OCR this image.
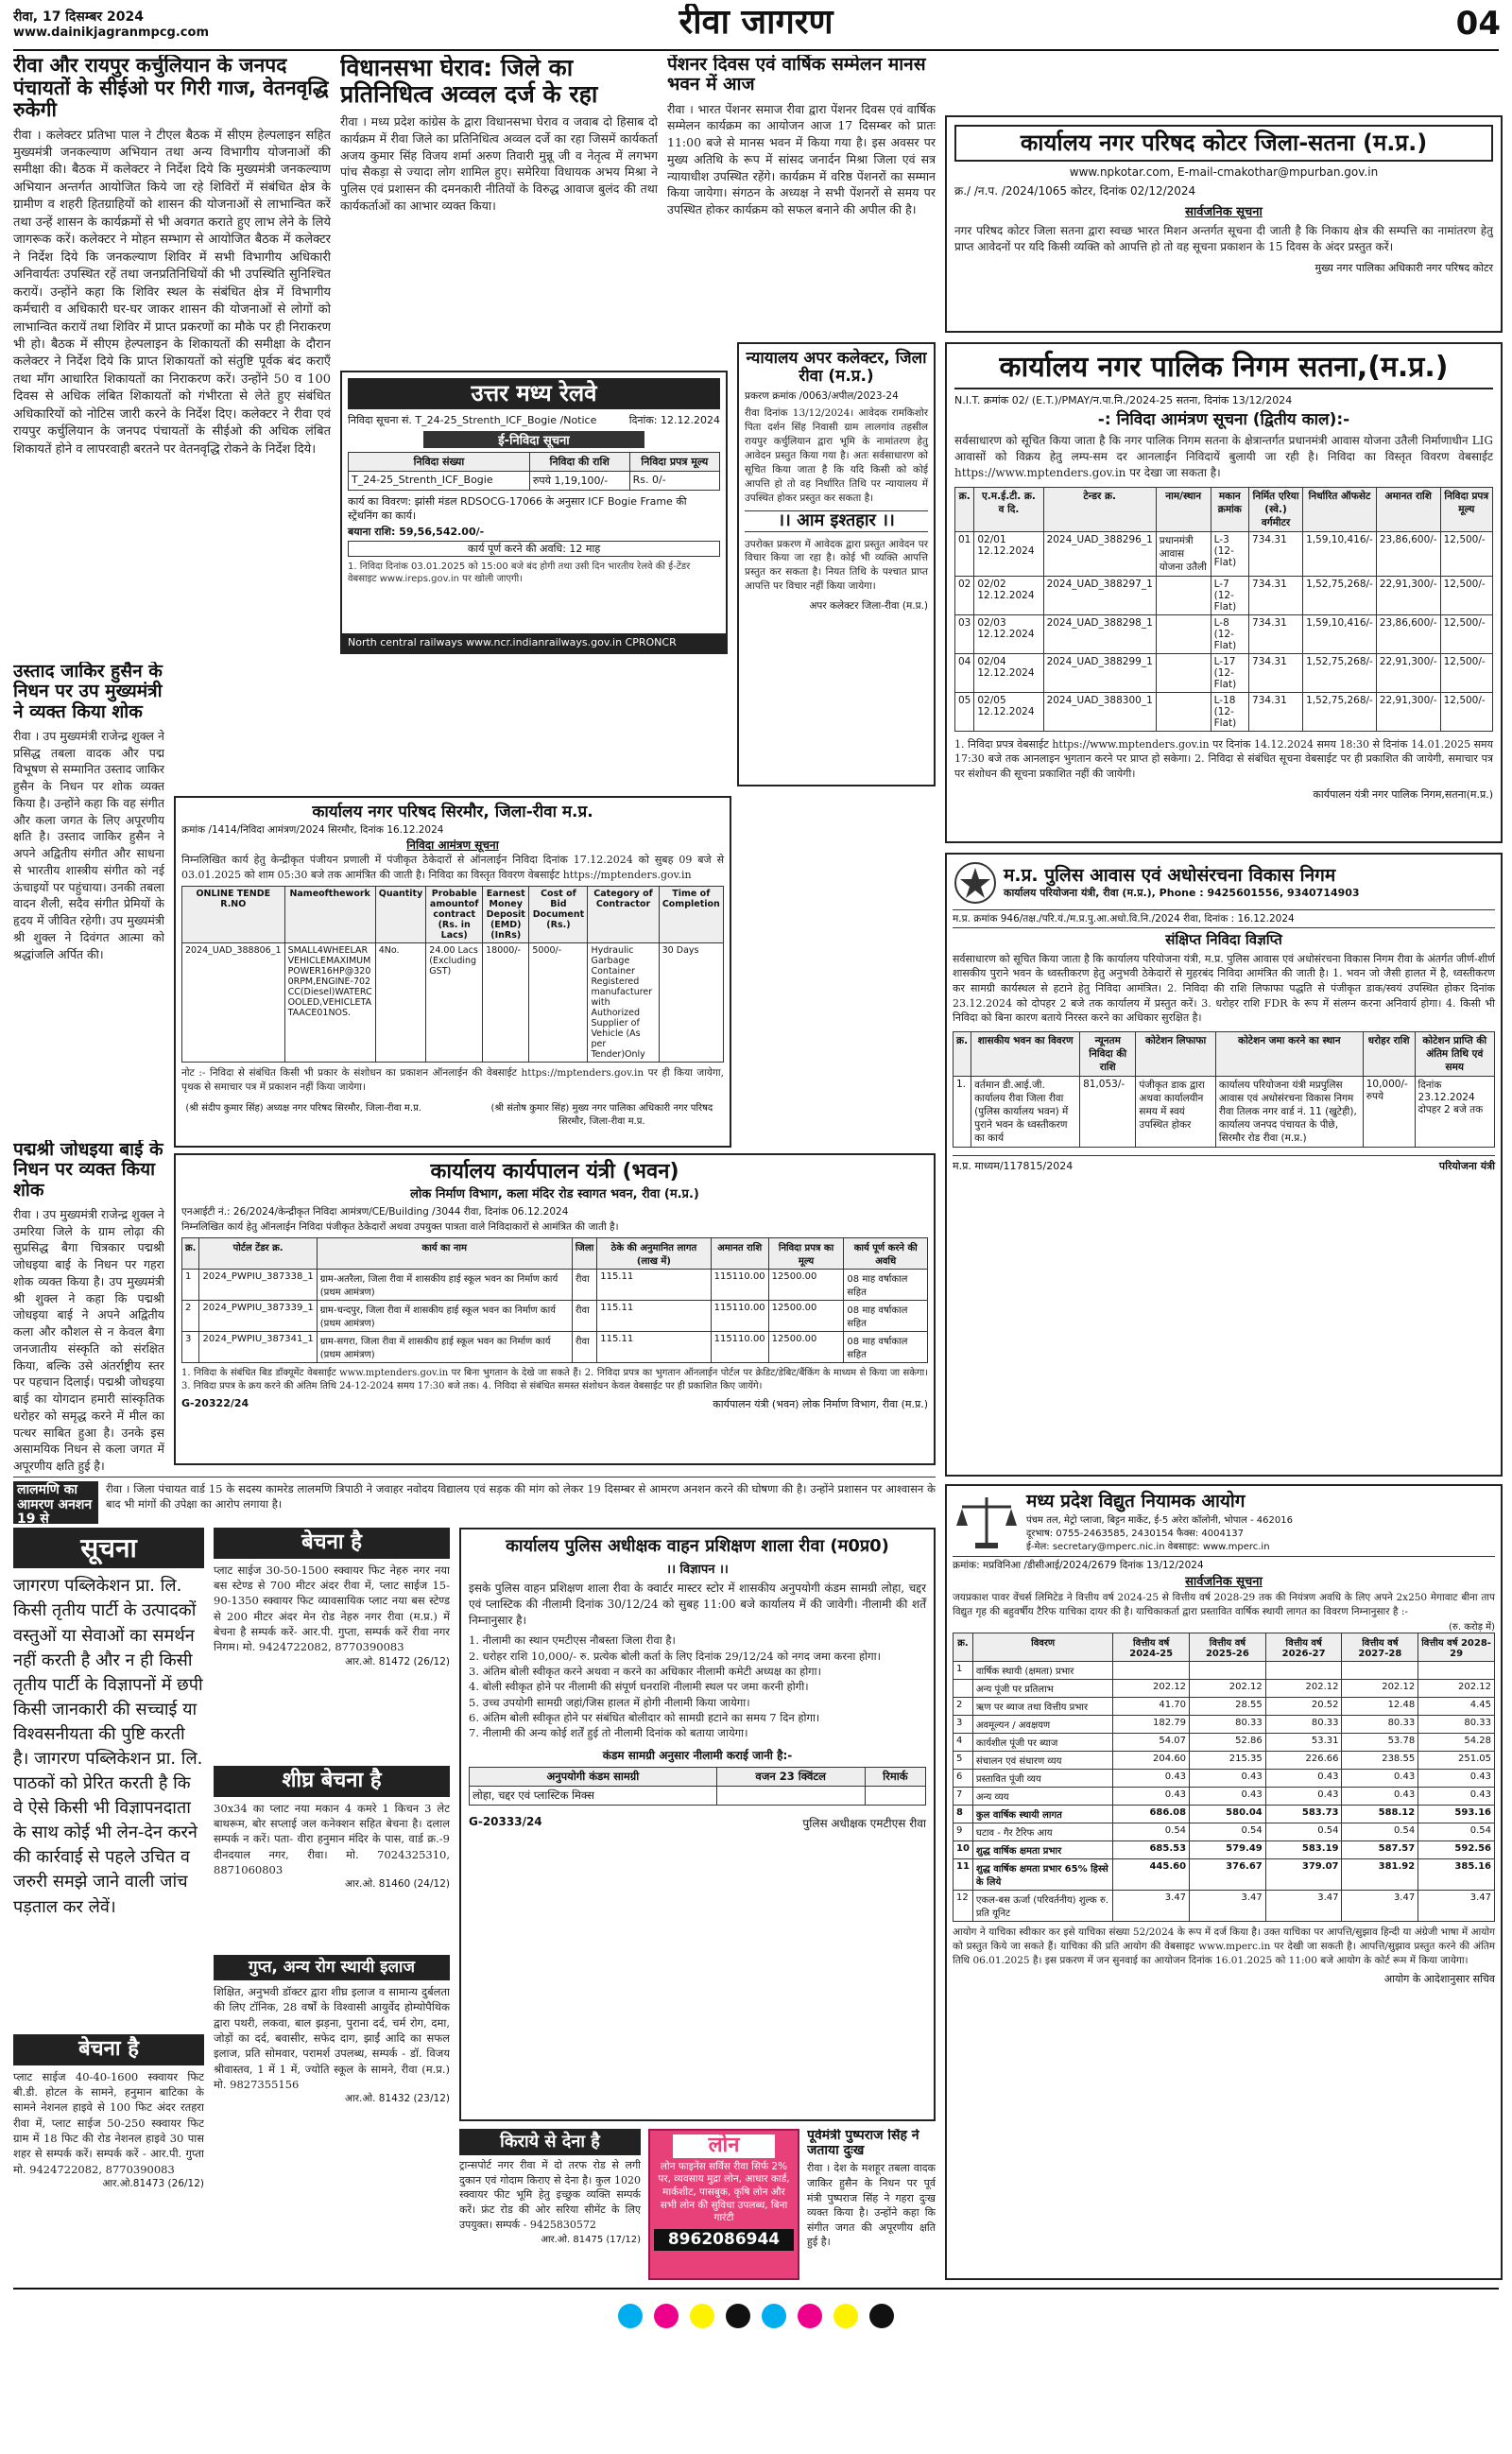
रीवा, 17 दिसम्बर 2024
www.dainikjagranmpcg.com	रीवा जागरण	04
रीवा और रायपुर कर्चुलियान के जनपद पंचायतों के सीईओ पर गिरी गाज, वेतनवृद्धि रुकेगी
रीवा । कलेक्टर प्रतिभा पाल ने टीएल बैठक में सीएम हेल्पलाइन सहित मुख्यमंत्री जनकल्याण अभियान तथा अन्य विभागीय योजनाओं की समीक्षा की। बैठक में कलेक्टर ने निर्देश दिये कि मुख्यमंत्री जनकल्याण अभियान अन्तर्गत आयोजित किये जा रहे शिविरों में संबंधित क्षेत्र के ग्रामीण व शहरी हितग्राहियों को शासन की योजनाओं से लाभान्वित करें तथा उन्हें शासन के कार्यक्रमों से भी अवगत कराते हुए लाभ लेने के लिये जागरूक करें। कलेक्टर ने मोहन सम्भाग से आयोजित बैठक में कलेक्टर ने निर्देश दिये कि जनकल्याण शिविर में सभी विभागीय अधिकारी अनिवार्यतः उपस्थित रहें तथा जनप्रतिनिधियों की भी उपस्थिति सुनिश्चित करायें। उन्होंने कहा कि शिविर स्थल के संबंधित क्षेत्र में विभागीय कर्मचारी व अधिकारी घर-घर जाकर शासन की योजनाओं से लोगों को लाभान्वित करायें तथा शिविर में प्राप्त प्रकरणों का मौके पर ही निराकरण भी हो। बैठक में सीएम हेल्पलाइन के शिकायतों की समीक्षा के दौरान कलेक्टर ने निर्देश दिये कि प्राप्त शिकायतों को संतुष्टि पूर्वक बंद कराएँ तथा माँग आधारित शिकायतों का निराकरण करें। उन्होंने 50 व 100 दिवस से अधिक लंबित शिकायतों को गंभीरता से लेते हुए संबंधित अधिकारियों को नोटिस जारी करने के निर्देश दिए। कलेक्टर ने रीवा एवं रायपुर कर्चुलियान के जनपद पंचायतों के सीईओ की अधिक लंबित शिकायतें होने व लापरवाही बरतने पर वेतनवृद्धि रोकने के निर्देश दिये।
विधानसभा घेराव: जिले का प्रतिनिधित्व अव्वल दर्ज के रहा
रीवा । मध्य प्रदेश कांग्रेस के द्वारा विधानसभा घेराव व जवाब दो हिसाब दो कार्यक्रम में रीवा जिले का प्रतिनिधित्व अव्वल दर्जे का रहा जिसमें कार्यकर्ता अजय कुमार सिंह विजय शर्मा अरुण तिवारी मुन्नू जी व नेतृत्व में लगभग पांच सैकड़ा से ज्यादा लोग शामिल हुए। समेरिया विधायक अभय मिश्रा ने पुलिस एवं प्रशासन की दमनकारी नीतियों के विरुद्ध आवाज बुलंद की तथा कार्यकर्ताओं का आभार व्यक्त किया।
पेंशनर दिवस एवं वार्षिक सम्मेलन मानस भवन में आज
रीवा । भारत पेंशनर समाज रीवा द्वारा पेंशनर दिवस एवं वार्षिक सम्मेलन कार्यक्रम का आयोजन आज 17 दिसम्बर को प्रातः 11:00 बजे से मानस भवन में किया गया है। इस अवसर पर मुख्य अतिथि के रूप में सांसद जनार्दन मिश्रा जिला एवं सत्र न्यायाधीश उपस्थित रहेंगे। कार्यक्रम में वरिष्ठ पेंशनरों का सम्मान किया जायेगा। संगठन के अध्यक्ष ने सभी पेंशनरों से समय पर उपस्थित होकर कार्यक्रम को सफल बनाने की अपील की है।
कार्यालय नगर परिषद कोटर जिला-सतना (म.प्र.)
www.npkotar.com, E-mail-cmakothar@mpurban.gov.in
क्र./ /न.प. /2024/1065 कोटर, दिनांक 02/12/2024
सार्वजनिक सूचना
नगर परिषद कोटर जिला सतना द्वारा स्वच्छ भारत मिशन अन्तर्गत सूचना दी जाती है कि निकाय क्षेत्र की सम्पत्ति का नामांतरण हेतु प्राप्त आवेदनों पर यदि किसी व्यक्ति को आपत्ति हो तो वह सूचना प्रकाशन के 15 दिवस के अंदर प्रस्तुत करें।
मुख्य नगर पालिका अधिकारी नगर परिषद कोटर
उत्तर मध्य रेलवे
निविदा सूचना सं. T_24-25_Strenth_ICF_Bogie /Notice	दिनांक: 12.12.2024
ई-निविदा सूचना
निविदा संख्या	निविदा की राशि	निविदा प्रपत्र मूल्य
T_24-25_Strenth_ICF_Bogie	रुपये 1,19,100/-	Rs. 0/-
कार्य का विवरण: झांसी मंडल RDSOCG-17066 के अनुसार ICF Bogie Frame की स्ट्रेंथनिंग का कार्य।
बयाना राशि: 59,56,542.00/-
कार्य पूर्ण करने की अवधि: 12 माह
1. निविदा दिनांक 03.01.2025 को 15:00 बजे बंद होगी तथा उसी दिन भारतीय रेलवे की ई-टेंडर वेबसाइट www.ireps.gov.in पर खोली जाएगी।
North central railways www.ncr.indianrailways.gov.in CPRONCR
न्यायालय अपर कलेक्टर, जिला रीवा (म.प्र.)
प्रकरण क्रमांक /0063/अपील/2023-24
रीवा दिनांक 13/12/2024। आवेदक रामकिशोर पिता दर्शन सिंह निवासी ग्राम लालगांव तहसील रायपुर कर्चुलियान द्वारा भूमि के नामांतरण हेतु आवेदन प्रस्तुत किया गया है। अतः सर्वसाधारण को सूचित किया जाता है कि यदि किसी को कोई आपत्ति हो तो वह निर्धारित तिथि पर न्यायालय में उपस्थित होकर प्रस्तुत कर सकता है।
।। आम इश्तहार ।।
उपरोक्त प्रकरण में आवेदक द्वारा प्रस्तुत आवेदन पर विचार किया जा रहा है। कोई भी व्यक्ति आपत्ति प्रस्तुत कर सकता है। नियत तिथि के पश्चात प्राप्त आपत्ति पर विचार नहीं किया जायेगा।
अपर कलेक्टर जिला-रीवा (म.प्र.)
कार्यालय नगर पालिक निगम सतना,(म.प्र.)
N.I.T. क्रमांक 02/ (E.T.)/PMAY/न.पा.नि./2024-25 सतना, दिनांक 13/12/2024
-: निविदा आमंत्रण सूचना (द्वितीय काल):-
सर्वसाधारण को सूचित किया जाता है कि नगर पालिक निगम सतना के क्षेत्रान्तर्गत प्रधानमंत्री आवास योजना उतैली निर्माणाधीन LIG आवासों को विक्रय हेतु लम्प-सम दर आनलाईन निविदायें बुलायी जा रही है। निविदा का विस्तृत विवरण वेबसाईट https://www.mptenders.gov.in पर देखा जा सकता है।
क्र.	ए.म.ई.टी. क्र. व दि.	टेन्डर क्र.	नाम/स्थान	मकान क्रमांक	निर्मित एरिया (स्वे.) वर्गमीटर	निर्धारित ऑफसेट	अमानत राशि	निविदा प्रपत्र मूल्य
01	02/01 12.12.2024	2024_UAD_388296_1	प्रधानमंत्री आवास योजना उतैली	L-3 (12-Flat)	734.31	1,59,10,416/-	23,86,600/-	12,500/-
02	02/02 12.12.2024	2024_UAD_388297_1		L-7 (12-Flat)	734.31	1,52,75,268/-	22,91,300/-	12,500/-
03	02/03 12.12.2024	2024_UAD_388298_1		L-8 (12-Flat)	734.31	1,59,10,416/-	23,86,600/-	12,500/-
04	02/04 12.12.2024	2024_UAD_388299_1		L-17 (12-Flat)	734.31	1,52,75,268/-	22,91,300/-	12,500/-
05	02/05 12.12.2024	2024_UAD_388300_1		L-18 (12-Flat)	734.31	1,52,75,268/-	22,91,300/-	12,500/-
1. निविदा प्रपत्र वेबसाईट https://www.mptenders.gov.in पर दिनांक 14.12.2024 समय 18:30 से दिनांक 14.01.2025 समय 17:30 बजे तक आनलाइन भुगतान करने पर प्राप्त हो सकेगा। 2. निविदा से संबंधित सूचना वेबसाईट पर ही प्रकाशित की जायेगी, समाचार पत्र पर संशोधन की सूचना प्रकाशित नहीं की जायेगी।
कार्यपालन यंत्री नगर पालिक निगम,सतना(म.प्र.)
उस्ताद जाकिर हुसैन के निधन पर उप मुख्यमंत्री ने व्यक्त किया शोक
रीवा । उप मुख्यमंत्री राजेन्द्र शुक्ल ने प्रसिद्ध तबला वादक और पद्म विभूषण से सम्मानित उस्ताद जाकिर हुसैन के निधन पर शोक व्यक्त किया है। उन्होंने कहा कि वह संगीत और कला जगत के लिए अपूरणीय क्षति है। उस्ताद जाकिर हुसैन ने अपने अद्वितीय संगीत और साधना से भारतीय शास्त्रीय संगीत को नई ऊंचाइयों पर पहुंचाया। उनकी तबला वादन शैली, सदैव संगीत प्रेमियों के हृदय में जीवित रहेगी। उप मुख्यमंत्री श्री शुक्ल ने दिवंगत आत्मा को श्रद्धांजलि अर्पित की।
पद्मश्री जोधइया बाई के निधन पर व्यक्त किया शोक
रीवा । उप मुख्यमंत्री राजेन्द्र शुक्ल ने उमरिया जिले के ग्राम लोढ़ा की सुप्रसिद्ध बैगा चित्रकार पद्मश्री जोधइया बाई के निधन पर गहरा शोक व्यक्त किया है। उप मुख्यमंत्री श्री शुक्ल ने कहा कि पद्मश्री जोधइया बाई ने अपने अद्वितीय कला और कौशल से न केवल बैगा जनजातीय संस्कृति को संरक्षित किया, बल्कि उसे अंतर्राष्ट्रीय स्तर पर पहचान दिलाई। पद्मश्री जोधइया बाई का योगदान हमारी सांस्कृतिक धरोहर को समृद्ध करने में मील का पत्थर साबित हुआ है। उनके इस असामयिक निधन से कला जगत में अपूरणीय क्षति हुई है।
कार्यालय नगर परिषद सिरमौर, जिला-रीवा म.प्र.
क्रमांक /1414/निविदा आमंत्रण/2024 सिरमौर, दिनांक 16.12.2024
निविदा आमंत्रण सूचना
निम्नलिखित कार्य हेतु केन्द्रीकृत पंजीयन प्रणाली में पंजीकृत ठेकेदारों से ऑनलाईन निविदा दिनांक 17.12.2024 को सुबह 09 बजे से 03.01.2025 को शाम 05:30 बजे तक आमंत्रित की जाती है। निविदा का विस्तृत विवरण वेबसाईट https://mptenders.gov.in
ONLINE TENDE R.NO	Nameofthework	Quantity	Probable amountof contract (Rs. in Lacs)	Earnest Money Deposit (EMD) (InRs)	Cost of Bid Document (Rs.)	Category of Contractor	Time of Completion
2024_UAD_388806_1	SMALL4WHEELARVEHICLEMAXIMUMPOWER16HP@3200RPM,ENGINE-702CC(Diesel)WATERCOOLED,VEHICLETATAACE01NOS.	4No.	24.00 Lacs (Excluding GST)	18000/-	5000/-	Hydraulic Garbage Container Registered manufacturer with Authorized Supplier of Vehicle (As per Tender)Only	30 Days
नोट :- निविदा से संबंधित किसी भी प्रकार के संशोधन का प्रकाशन ऑनलाईन की वेबसाईट https://mptenders.gov.in पर ही किया जायेगा, पृथक से समाचार पत्र में प्रकाशन नहीं किया जायेगा।
(श्री संदीप कुमार सिंह) अध्यक्ष नगर परिषद सिरमौर, जिला-रीवा म.प्र.	(श्री संतोष कुमार सिंह) मुख्य नगर पालिका अधिकारी नगर परिषद सिरमौर, जिला-रीवा म.प्र.
कार्यालय कार्यपालन यंत्री (भवन)
लोक निर्माण विभाग, कला मंदिर रोड स्वागत भवन, रीवा (म.प्र.)
एनआईटी नं.: 26/2024/केन्द्रीकृत निविदा आमंत्रण/CE/Building /3044 रीवा, दिनांक 06.12.2024
निम्नलिखित कार्य हेतु ऑनलाईन निविदा पंजीकृत ठेकेदारों अथवा उपयुक्त पात्रता वाले निविदाकारों से आमंत्रित की जाती है।
क्र.	पोर्टल टेंडर क्र.	कार्य का नाम	जिला	ठेके की अनुमानित लागत (लाख में)	अमानत राशि	निविदा प्रपत्र का मूल्य	कार्य पूर्ण करने की अवधि
1	2024_PWPIU_387338_1	ग्राम-अतरैला, जिला रीवा में शासकीय हाई स्कूल भवन का निर्माण कार्य (प्रथम आमंत्रण)	रीवा	115.11	115110.00	12500.00	08 माह वर्षाकाल सहित
2	2024_PWPIU_387339_1	ग्राम-चन्दपुर, जिला रीवा में शासकीय हाई स्कूल भवन का निर्माण कार्य (प्रथम आमंत्रण)	रीवा	115.11	115110.00	12500.00	08 माह वर्षाकाल सहित
3	2024_PWPIU_387341_1	ग्राम-सगरा, जिला रीवा में शासकीय हाई स्कूल भवन का निर्माण कार्य (प्रथम आमंत्रण)	रीवा	115.11	115110.00	12500.00	08 माह वर्षाकाल सहित
1. निविदा के संबंधित बिड डॉक्यूमेंट वेबसाईट www.mptenders.gov.in पर बिना भुगतान के देखे जा सकते हैं। 2. निविदा प्रपत्र का भुगतान ऑनलाईन पोर्टल पर क्रेडिट/डेबिट/बैंकिंग के माध्यम से किया जा सकेगा। 3. निविदा प्रपत्र के क्रय करने की अंतिम तिथि 24-12-2024 समय 17:30 बजे तक। 4. निविदा से संबंधित समस्त संशोधन केवल वेबसाईट पर ही प्रकाशित किए जायेंगे।
G-20322/24	कार्यपालन यंत्री (भवन) लोक निर्माण विभाग, रीवा (म.प्र.)
म.प्र. पुलिस आवास एवं अधोसंरचना विकास निगम
कार्यालय परियोजना यंत्री, रीवा (म.प्र.), Phone : 9425601556, 9340714903
म.प्र. क्रमांक 946/तक्ष./परि.यं./म.प्र.पु.आ.अधो.वि.नि./2024 रीवा, दिनांक : 16.12.2024
संक्षिप्त निविदा विज्ञप्ति
सर्वसाधारण को सूचित किया जाता है कि कार्यालय परियोजना यंत्री, म.प्र. पुलिस आवास एवं अधोसंरचना विकास निगम रीवा के अंतर्गत जीर्ण-शीर्ण शासकीय पुराने भवन के ध्वस्तीकरण हेतु अनुभवी ठेकेदारों से मुहरबंद निविदा आमंत्रित की जाती है। 1. भवन जो जैसी हालत में है, ध्वस्तीकरण कर सामग्री कार्यस्थल से हटाने हेतु निविदा आमंत्रित। 2. निविदा की राशि लिफाफा पद्धति से पंजीकृत डाक/स्वयं उपस्थित होकर दिनांक 23.12.2024 को दोपहर 2 बजे तक कार्यालय में प्रस्तुत करें। 3. धरोहर राशि FDR के रूप में संलग्न करना अनिवार्य होगा। 4. किसी भी निविदा को बिना कारण बताये निरस्त करने का अधिकार सुरक्षित है।
क्र.	शासकीय भवन का विवरण	न्यूनतम निविदा की राशि	कोटेशन लिफाफा	कोटेशन जमा करने का स्थान	धरोहर राशि	कोटेशन प्राप्ति की अंतिम तिथि एवं समय
1.	वर्तमान डी.आई.जी. कार्यालय रीवा जिला रीवा (पुलिस कार्यालय भवन) में पुराने भवन के ध्वस्तीकरण का कार्य	81,053/-	पंजीकृत डाक द्वारा अथवा कार्यालयीन समय में स्वयं उपस्थित होकर	कार्यालय परियोजना यंत्री मप्रपुलिस आवास एवं अधोसंरचना विकास निगम रीवा तिलक नगर वार्ड नं. 11 (खुटेही), कार्यालय जनपद पंचायत के पीछे, सिरमौर रोड रीवा (म.प्र.)	10,000/- रुपये	दिनांक 23.12.2024 दोपहर 2 बजे तक
म.प्र. माध्यम/117815/2024	परियोजना यंत्री
लालमणि का आमरण अनशन 19 से
रीवा । जिला पंचायत वार्ड 15 के सदस्य कामरेड लालमणि त्रिपाठी ने जवाहर नवोदय विद्यालय एवं सड़क की मांग को लेकर 19 दिसम्बर से आमरण अनशन करने की घोषणा की है। उन्होंने प्रशासन पर आश्वासन के बाद भी मांगों की उपेक्षा का आरोप लगाया है।
सूचना
जागरण पब्लिकेशन प्रा. लि. किसी तृतीय पार्टी के उत्पादकों वस्तुओं या सेवाओं का समर्थन नहीं करती है और न ही किसी तृतीय पार्टी के विज्ञापनों में छपी किसी जानकारी की सच्चाई या विश्वसनीयता की पुष्टि करती है। जागरण पब्लिकेशन प्रा. लि. पाठकों को प्रेरित करती है कि वे ऐसे किसी भी विज्ञापनदाता के साथ कोई भी लेन-देन करने की कार्रवाई से पहले उचित व जरुरी समझे जाने वाली जांच पड़ताल कर लेवें।
बेचना है
प्लाट साईज 40-40-1600 स्क्वायर फिट बी.डी. होटल के सामने, हनुमान बाटिका के सामने नेशनल हाइवे से 100 फिट अंदर रतहरा रीवा में, प्लाट साईज 50-250 स्क्वायर फिट ग्राम में 18 फिट की रोड नेशनल हाइवे 30 पास शहर से सम्पर्क करें। सम्पर्क करें - आर.पी. गुप्ता मो. 9424722082, 8770390083
आर.ओ.81473 (26/12)
बेचना है
प्लाट साईज 30-50-1500 स्क्वायर फिट नेहरु नगर नया बस स्टेण्ड से 700 मीटर अंदर रीवा में, प्लाट साईज 15-90-1350 स्क्वायर फिट व्यावसायिक प्लाट नया बस स्टेण्ड से 200 मीटर अंदर मेन रोड नेहरु नगर रीवा (म.प्र.) में बेचना है सम्पर्क करें- आर.पी. गुप्ता, सम्पर्क करें रीवा नगर निगम। मो. 9424722082, 8770390083
आर.ओ. 81472 (26/12)
शीघ्र बेचना है
30x34 का प्लाट नया मकान 4 कमरे 1 किचन 3 लेट बाथरूम, बोर सप्लाई जल कनेक्शन सहित बेचना है। दलाल सम्पर्क न करें। पता- वीरा हनुमान मंदिर के पास, वार्ड क्र.-9 दीनदयाल नगर, रीवा। मो. 7024325310, 8871060803
आर.ओ. 81460 (24/12)
गुप्त, अन्य रोग स्थायी इलाज
शिक्षित, अनुभवी डॉक्टर द्वारा शीघ्र इलाज व सामान्य दुर्बलता की लिए टॉनिक, 28 वर्षों के विश्वासी आयुर्वेद होम्योपैथिक द्वारा पथरी, लकवा, बाल झड़ना, पुराना दर्द, चर्म रोग, दमा, जोड़ों का दर्द, बवासीर, सफेद दाग, झाईं आदि का सफल इलाज, प्रति सोमवार, परामर्श उपलब्ध, सम्पर्क - डॉ. विजय श्रीवास्तव, 1 में 1 में, ज्योति स्कूल के सामने, रीवा (म.प्र.) मो. 9827355156
आर.ओ. 81432 (23/12)
कार्यालय पुलिस अधीक्षक वाहन प्रशिक्षण शाला रीवा (म0प्र0)
।। विज्ञापन ।।
इसके पुलिस वाहन प्रशिक्षण शाला रीवा के क्वार्टर मास्टर स्टोर में शासकीय अनुपयोगी कंडम सामग्री लोहा, चद्दर एवं प्लास्टिक की नीलामी दिनांक 30/12/24 को सुबह 11:00 बजे कार्यालय में की जावेगी। नीलामी की शर्तें निम्नानुसार है।
1. नीलामी का स्थान एमटीएस नौबस्ता जिला रीवा है।
2. धरोहर राशि 10,000/- रु. प्रत्येक बोली कर्ता के लिए दिनांक 29/12/24 को नगद जमा करना होगा।
3. अंतिम बोली स्वीकृत करने अथवा न करने का अधिकार नीलामी कमेटी अध्यक्ष का होगा।
4. बोली स्वीकृत होने पर नीलामी की संपूर्ण धनराशि नीलामी स्थल पर जमा करनी होगी।
5. उच्च उपयोगी सामग्री जहां/जिस हालत में होगी नीलामी किया जायेगा।
6. अंतिम बोली स्वीकृत होने पर संबंधित बोलीदार को सामग्री हटाने का समय 7 दिन होगा।
7. नीलामी की अन्य कोई शर्तें हुई तो नीलामी दिनांक को बताया जायेगा।
कंडम सामग्री अनुसार नीलामी कराई जानी है:-
अनुपयोगी कंडम सामग्री	वजन 23 क्विंटल	रिमार्क
लोहा, चद्दर एवं प्लास्टिक मिक्स		
G-20333/24	पुलिस अधीक्षक एमटीएस रीवा
किराये से देना है
ट्रान्सपोर्ट नगर रीवा में दो तरफ रोड से लगी दुकान एवं गोदाम किराए से देना है। कुल 1020 स्क्वायर फीट भूमि हेतु इच्छुक व्यक्ति सम्पर्क करें। फ्रंट रोड की ओर सरिया सीमेंट के लिए उपयुक्त। सम्पर्क - 9425830572
आर.ओ. 81475 (17/12)
लोन
लोन फाइनेंस सर्विस रीवा सिर्फ 2% पर, व्यवसाय मुद्रा लोन, आधार कार्ड, मार्कशीट, पासबुक, कृषि लोन और सभी लोन की सुविधा उपलब्ध, बिना गारंटी
8962086944
पूर्वमंत्री पुष्पराज सिंह ने जताया दुःख
रीवा । देश के मशहूर तबला वादक जाकिर हुसैन के निधन पर पूर्व मंत्री पुष्पराज सिंह ने गहरा दुःख व्यक्त किया है। उन्होंने कहा कि संगीत जगत की अपूरणीय क्षति हुई है।
मध्य प्रदेश विद्युत नियामक आयोग
पंचम तल, मेट्रो प्लाजा, बिट्टन मार्केट, ई-5 अरेरा कॉलोनी, भोपाल - 462016
दूरभाष: 0755-2463585, 2430154 फैक्स: 4004137
ई-मेल: secretary@mperc.nic.in वेबसाइट: www.mperc.in
क्रमांक: मप्रविनिआ /डीसीआई/2024/2679 दिनांक 13/12/2024
सार्वजनिक सूचना
जयप्रकाश पावर वेंचर्स लिमिटेड ने वित्तीय वर्ष 2024-25 से वित्तीय वर्ष 2028-29 तक की नियंत्रण अवधि के लिए अपने 2x250 मेगावाट बीना ताप विद्युत गृह की बहुवर्षीय टैरिफ याचिका दायर की है। याचिकाकर्ता द्वारा प्रस्तावित वार्षिक स्थायी लागत का विवरण निम्नानुसार है :-
(रु. करोड़ में)
क्र.	विवरण	वित्तीय वर्ष 2024-25	वित्तीय वर्ष 2025-26	वित्तीय वर्ष 2026-27	वित्तीय वर्ष 2027-28	वित्तीय वर्ष 2028-29
1	वार्षिक स्थायी (क्षमता) प्रभार					
	अन्य पूंजी पर प्रतिलाभ	202.12	202.12	202.12	202.12	202.12
2	ऋण पर ब्याज तथा वित्तीय प्रभार	41.70	28.55	20.52	12.48	4.45
3	अवमूल्यन / अवक्षयण	182.79	80.33	80.33	80.33	80.33
4	कार्यशील पूंजी पर ब्याज	54.07	52.86	53.31	53.78	54.28
5	संचालन एवं संधारण व्यय	204.60	215.35	226.66	238.55	251.05
6	प्रस्तावित पूंजी व्यय	0.43	0.43	0.43	0.43	0.43
7	अन्य व्यय	0.43	0.43	0.43	0.43	0.43
8	कुल वार्षिक स्थायी लागत	686.08	580.04	583.73	588.12	593.16
9	घटाव - गैर टैरिफ आय	0.54	0.54	0.54	0.54	0.54
10	शुद्ध वार्षिक क्षमता प्रभार	685.53	579.49	583.19	587.57	592.56
11	शुद्ध वार्षिक क्षमता प्रभार 65% हिस्से के लिये	445.60	376.67	379.07	381.92	385.16
12	एकल-बस ऊर्जा (परिवर्तनीय) शुल्क रु. प्रति यूनिट	3.47	3.47	3.47	3.47	3.47
आयोग ने याचिका स्वीकार कर इसे याचिका संख्या 52/2024 के रूप में दर्ज किया है। उक्त याचिका पर आपत्ति/सुझाव हिन्दी या अंग्रेजी भाषा में आयोग को प्रस्तुत किये जा सकते हैं। याचिका की प्रति आयोग की वेबसाइट www.mperc.in पर देखी जा सकती है। आपत्ति/सुझाव प्रस्तुत करने की अंतिम तिथि 06.01.2025 है। इस प्रकरण में जन सुनवाई का आयोजन दिनांक 16.01.2025 को 11:00 बजे आयोग के कोर्ट रूम में किया जायेगा।
आयोग के आदेशानुसार सचिव
